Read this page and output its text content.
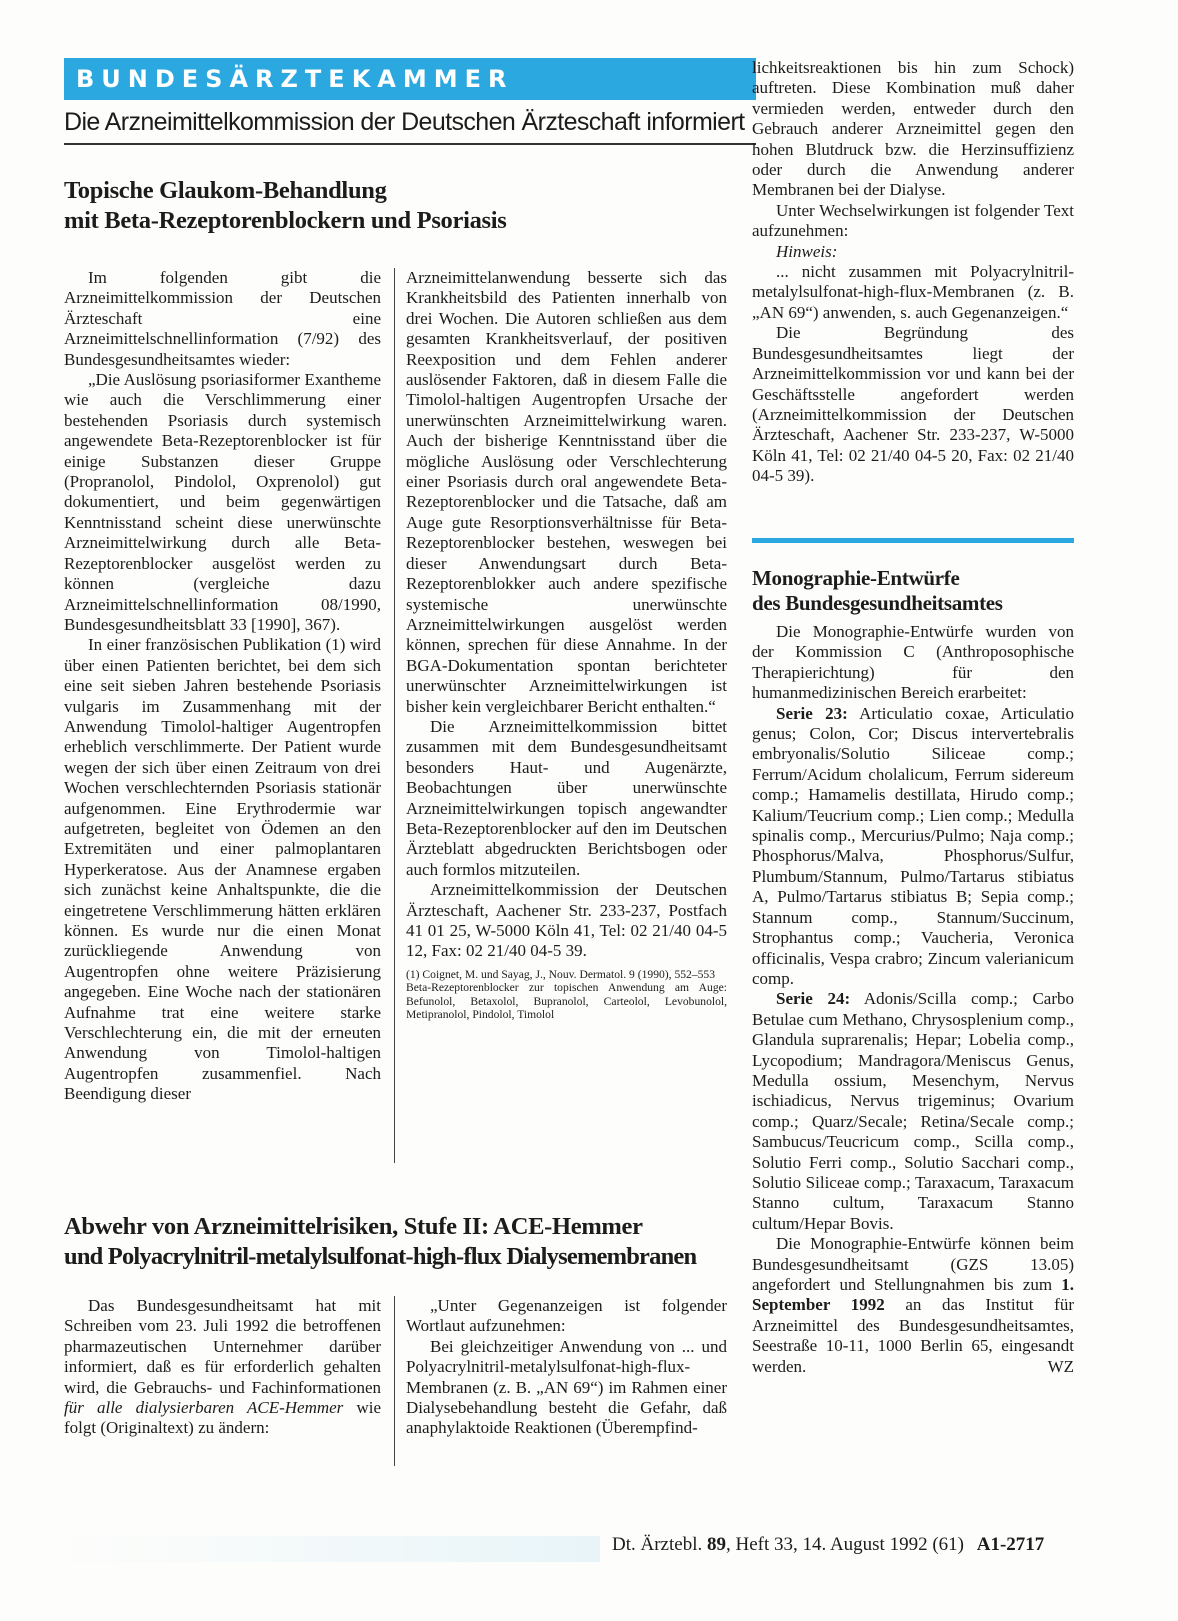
BUNDESÄRZTEKAMMER
Die Arzneimittelkommission der Deutschen Ärzteschaft informiert
Topische Glaukom-Behandlung
mit Beta-Rezeptorenblockern und Psoriasis

Im folgenden gibt die Arzneimittelkommission der Deutschen Ärzteschaft eine Arzneimittelschnellinformation (7/92) des Bundesgesundheitsamtes wieder:

„Die Auslösung psoriasiformer Exantheme wie auch die Verschlimmerung einer bestehenden Psoriasis durch systemisch angewendete Beta-Rezeptorenblocker ist für einige Substanzen dieser Gruppe (Propranolol, Pindolol, Oxprenolol) gut dokumentiert, und beim gegenwärtigen Kenntnisstand scheint diese unerwünschte Arzneimittelwirkung durch alle Beta-Rezeptorenblocker ausgelöst werden zu können (vergleiche dazu Arzneimittelschnellinformation 08/1990, Bundesgesundheitsblatt 33 [1990], 367).

In einer französischen Publikation (1) wird über einen Patienten berichtet, bei dem sich eine seit sieben Jahren bestehende Psoriasis vulgaris im Zusammenhang mit der Anwendung Timolol-haltiger Augentropfen erheblich verschlimmerte. Der Patient wurde wegen der sich über einen Zeitraum von drei Wochen verschlechternden Psoriasis stationär aufgenommen. Eine Erythrodermie war aufgetreten, begleitet von Ödemen an den Extremitäten und einer palmoplantaren Hyperkeratose. Aus der Anamnese ergaben sich zunächst keine Anhaltspunkte, die die eingetretene Verschlimmerung hätten erklären können. Es wurde nur die einen Monat zurückliegende Anwendung von Augentropfen ohne weitere Präzisierung angegeben. Eine Woche nach der stationären Aufnahme trat eine weitere starke Verschlechterung ein, die mit der erneuten Anwendung von Timolol-haltigen Augentropfen zusammenfiel. Nach Beendigung dieser

Arzneimittelanwendung besserte sich das Krankheitsbild des Patienten innerhalb von drei Wochen. Die Autoren schließen aus dem gesamten Krankheitsverlauf, der positiven Reexposition und dem Fehlen anderer auslösender Faktoren, daß in diesem Falle die Timolol-haltigen Augentropfen Ursache der unerwünschten Arzneimittelwirkung waren. Auch der bisherige Kenntnisstand über die mögliche Auslösung oder Verschlechterung einer Psoriasis durch oral angewendete Beta-Rezeptorenblocker und die Tatsache, daß am Auge gute Resorptionsverhältnisse für Beta-Rezeptorenblocker bestehen, weswegen bei dieser Anwendungsart durch Beta-Rezeptorenblokker auch andere spezifische systemische unerwünschte Arzneimittelwirkungen ausgelöst werden können, sprechen für diese Annahme. In der BGA-Dokumentation spontan berichteter unerwünschter Arzneimittelwirkungen ist bisher kein vergleichbarer Bericht enthalten.“

Die Arzneimittelkommission bittet zusammen mit dem Bundesgesundheitsamt besonders Haut- und Augenärzte, Beobachtungen über unerwünschte Arzneimittelwirkungen topisch angewandter Beta-Rezeptorenblocker auf den im Deutschen Ärzteblatt abgedruckten Berichtsbogen oder auch formlos mitzuteilen.

Arzneimittelkommission der Deutschen Ärzteschaft, Aachener Str. 233-237, Postfach 41 01 25, W-5000 Köln 41, Tel: 02 21/40 04-5 12, Fax: 02 21/40 04-5 39.

(1) Coignet, M. und Sayag, J., Nouv. Dermatol. 9 (1990), 552–553

Beta-Rezeptorenblocker zur topischen Anwendung am Auge: Befunolol, Betaxolol, Bupranolol, Carteolol, Levobunolol, Metipranolol, Pindolol, Timolol

Abwehr von Arzneimittelrisiken, Stufe II: ACE-Hemmer
und Polyacrylnitril-metalylsulfonat-high-flux Dialysemembranen

Das Bundesgesundheitsamt hat mit Schreiben vom 23. Juli 1992 die betroffenen pharmazeutischen Unternehmer darüber informiert, daß es für erforderlich gehalten wird, die Gebrauchs- und Fachinformationen für alle dialysierbaren ACE-Hemmer wie folgt (Originaltext) zu ändern:

„Unter Gegenanzeigen ist folgender Wortlaut aufzunehmen:

Bei gleichzeitiger Anwendung von ... und Polyacrylnitril-metalylsulfonat-high-flux-Membranen (z. B. „AN 69“) im Rahmen einer Dialysebehandlung besteht die Gefahr, daß anaphylaktoide Reaktionen (Überempfind-

lichkeitsreaktionen bis hin zum Schock) auftreten. Diese Kombination muß daher vermieden werden, entweder durch den Gebrauch anderer Arzneimittel gegen den hohen Blutdruck bzw. die Herzinsuffizienz oder durch die Anwendung anderer Membranen bei der Dialyse.

Unter Wechselwirkungen ist folgender Text aufzunehmen:

Hinweis:

... nicht zusammen mit Polyacrylnitril-metalylsulfonat-high-flux-Membranen (z. B. „AN 69“) anwenden, s. auch Gegenanzeigen.“

Die Begründung des Bundesgesundheitsamtes liegt der Arzneimittelkommission vor und kann bei der Geschäftsstelle angefordert werden (Arzneimittelkommission der Deutschen Ärzteschaft, Aachener Str. 233-237, W-5000 Köln 41, Tel: 02 21/40 04-5 20, Fax: 02 21/40 04-5 39).

Monographie-Entwürfe
des Bundesgesundheitsamtes

Die Monographie-Entwürfe wurden von der Kommission C (Anthroposophische Therapierichtung) für den humanmedizinischen Bereich erarbeitet:

Serie 23: Articulatio coxae, Articulatio genus; Colon, Cor; Discus intervertebralis embryonalis/Solutio Siliceae comp.; Ferrum/Acidum cholalicum, Ferrum sidereum comp.; Hamamelis destillata, Hirudo comp.; Kalium/Teucrium comp.; Lien comp.; Medulla spinalis comp., Mercurius/Pulmo; Naja comp.; Phosphorus/Malva, Phosphorus/Sulfur, Plumbum/Stannum, Pulmo/Tartarus stibiatus A, Pulmo/Tartarus stibiatus B; Sepia comp.; Stannum comp., Stannum/Succinum, Strophantus comp.; Vaucheria, Veronica officinalis, Vespa crabro; Zincum valerianicum comp.

Serie 24: Adonis/Scilla comp.; Carbo Betulae cum Methano, Chrysosplenium comp., Glandula suprarenalis; Hepar; Lobelia comp., Lycopodium; Mandragora/Meniscus Genus, Medulla ossium, Mesenchym, Nervus ischiadicus, Nervus trigeminus; Ovarium comp.; Quarz/Secale; Retina/Secale comp.; Sambucus/Teucricum comp., Scilla comp., Solutio Ferri comp., Solutio Sacchari comp., Solutio Siliceae comp.; Taraxacum, Taraxacum Stanno cultum, Taraxacum Stanno cultum/Hepar Bovis.

Die Monographie-Entwürfe können beim Bundesgesundheitsamt (GZS 13.05) angefordert und Stellungnahmen bis zum 1. September 1992 an das Institut für Arzneimittel des Bundesgesundheitsamtes, Seestraße 10-11, 1000 Berlin 65, eingesandt werden.	WZ

Dt. Ärztebl. 89, Heft 33, 14. August 1992 (61) A1-2717
